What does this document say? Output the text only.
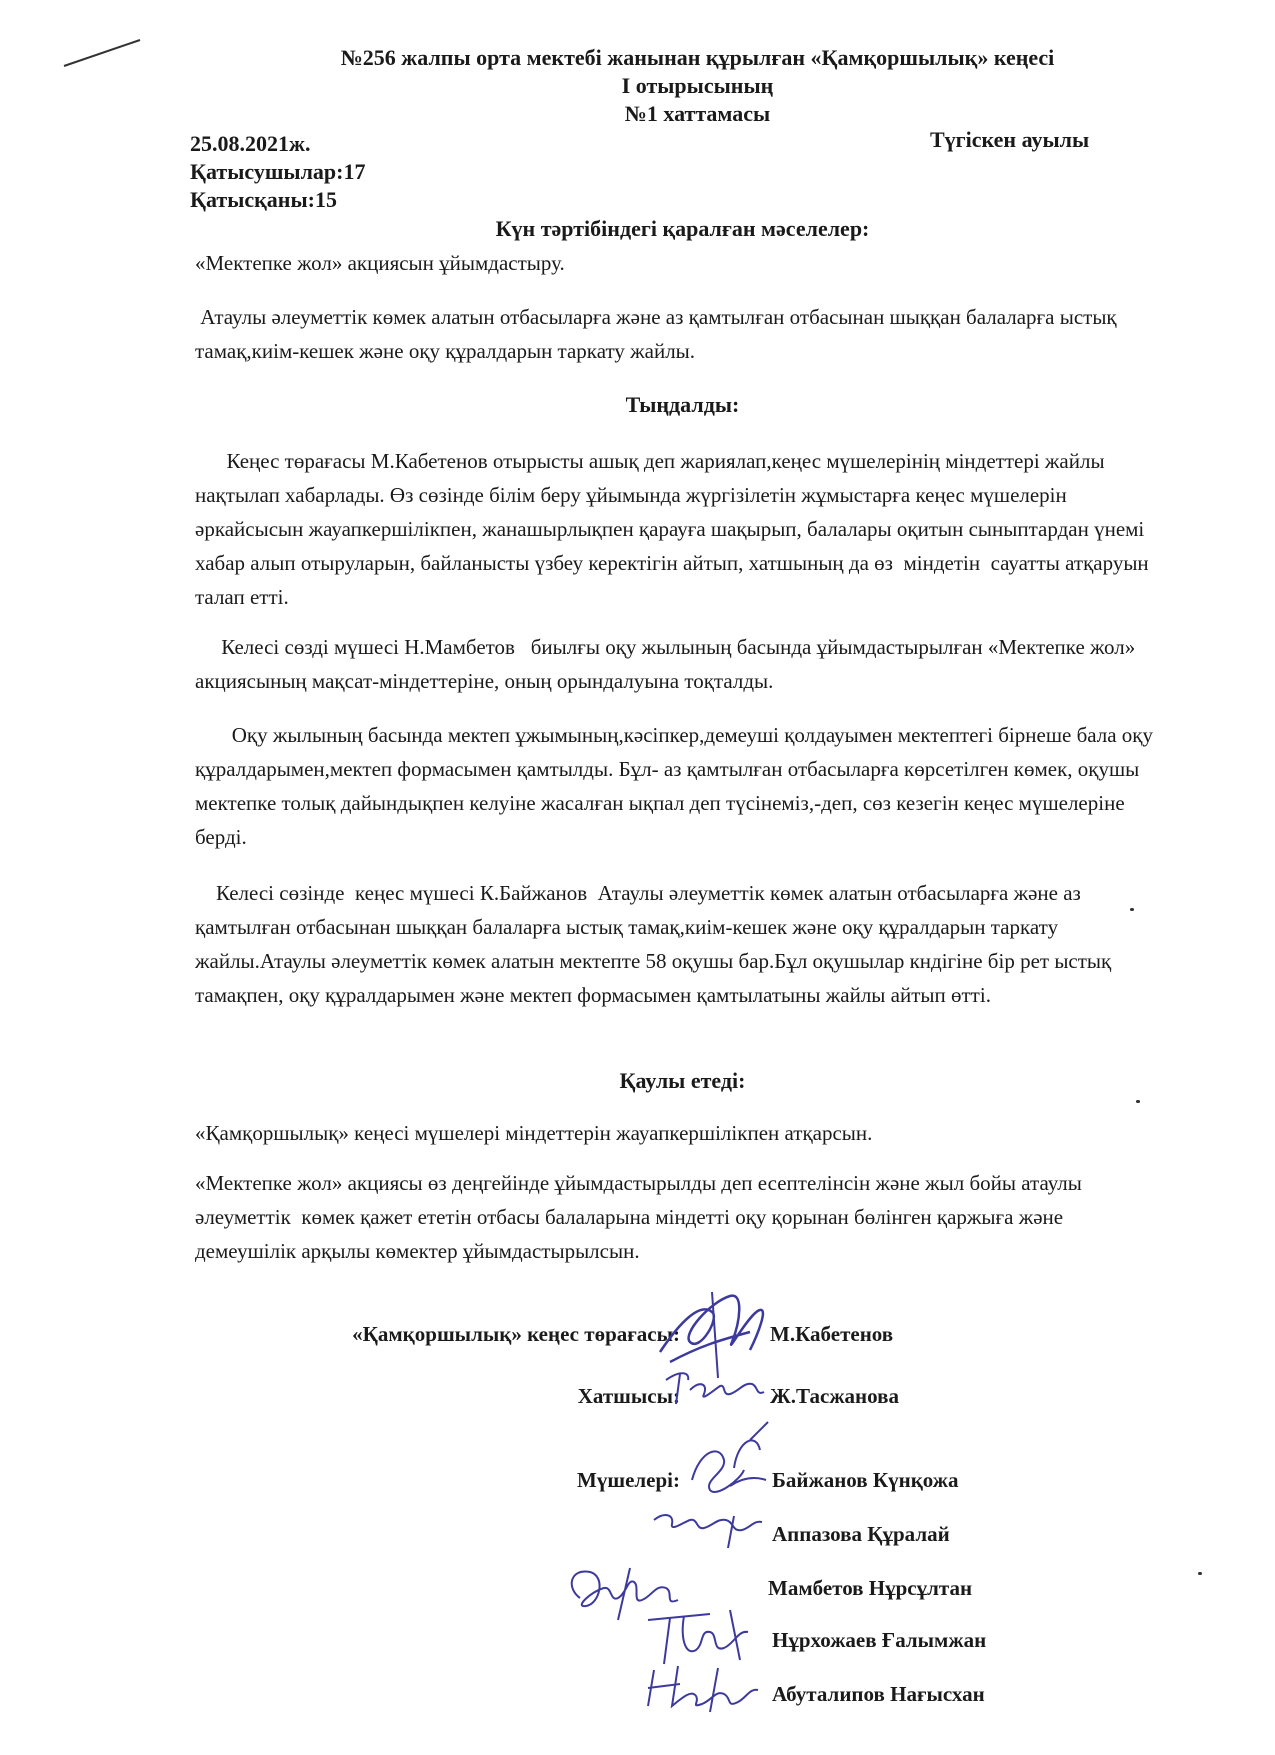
№256 жалпы орта мектебі жанынан құрылған «Қамқоршылық» кеңесі
І отырысының
№1 хаттамасы
25.08.2021ж.	Түгіскен ауылы
Қатысушылар:17
Қатысқаны:15
Күн тәртібіндегі қаралған мәселелер:

«Мектепке жол» акциясын ұйымдастыру.

Атаулы әлеуметтік көмек алатын отбасыларға және аз қамтылған отбасынан шыққан балаларға ыстық тамақ,киім-кешек және оқу құралдарын таркату жайлы.

Тыңдалды:

Кеңес төрағасы М.Кабетенов отырысты ашық деп жариялап,кеңес мүшелерінің міндеттері жайлы нақтылап хабарлады. Өз сөзінде білім беру ұйымында жүргізілетін жұмыстарға кеңес мүшелерін әркайсысын жауапкершілікпен, жанашырлықпен қарауға шақырып, балалары оқитын сыныптардан үнемі хабар алып отыруларын, байланысты үзбеу керектігін айтып, хатшының да өз  міндетін  сауатты атқаруын талап етті.

Келесі сөзді мүшесі Н.Мамбетов   биылғы оқу жылының басында ұйымдастырылған «Мектепке жол» акциясының мақсат-міндеттеріне, оның орындалуына тоқталды.

Оқу жылының басында мектеп ұжымының,кәсіпкер,демеуші қолдауымен мектептегі бірнеше бала оқу құралдарымен,мектеп формасымен қамтылды. Бұл- аз қамтылған отбасыларға көрсетілген көмек, оқушы мектепке толық дайындықпен келуіне жасалған ықпал деп түсінеміз,-деп, сөз кезегін кеңес мүшелеріне берді.

Келесі сөзінде  кеңес мүшесі К.Байжанов  Атаулы әлеуметтік көмек алатын отбасыларға және аз қамтылған отбасынан шыққан балаларға ыстық тамақ,киім-кешек және оқу құралдарын таркату жайлы.Атаулы әлеуметтік көмек алатын мектепте 58 оқушы бар.Бұл оқушылар кндігіне бір рет ыстық тамақпен, оқу құралдарымен және мектеп формасымен қамтылатыны жайлы айтып өтті.

Қаулы етеді:

«Қамқоршылық» кеңесі мүшелері міндеттерін жауапкершілікпен атқарсын.

«Мектепке жол» акциясы өз деңгейінде ұйымдастырылды деп есептелінсін және жыл бойы атаулы әлеуметтік  көмек қажет ететін отбасы балаларына міндетті оқу қорынан бөлінген қаржыға және демеушілік арқылы көмектер ұйымдастырылсын.

«Қамқоршылық» кеңес төрағасы:	М.Кабетенов
Хатшысы:	Ж.Тасжанова
Мүшелері:	Байжанов Күнқожа
Аппазова Құралай
Мамбетов Нұрсұлтан
Нұрхожаев Ғалымжан
Абуталипов Нағысхан
